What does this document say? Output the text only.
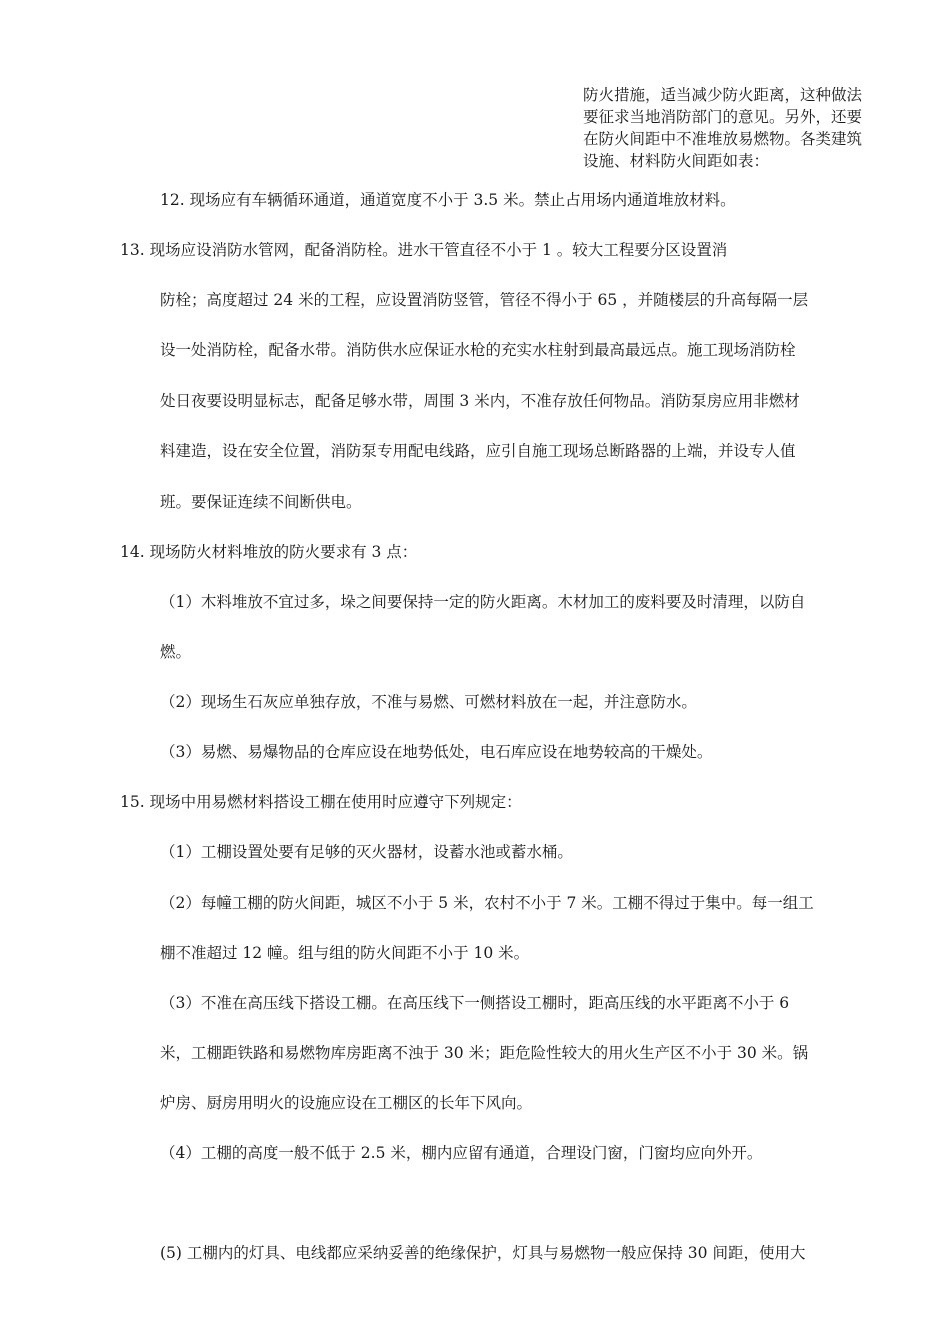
防火措施，适当减少防火距离，这种做法
要征求当地消防部门的意见。另外，还要
在防火间距中不准堆放易燃物。各类建筑
设施、材料防火间距如表：
12. 现场应有车辆循环通道，通道宽度不小于 3.5 米。禁止占用场内通道堆放材料。
13. 现场应设消防水管网，配备消防栓。进水干管直径不小于 1 。较大工程要分区设置消
防栓；高度超过 24 米的工程，应设置消防竖管，管径不得小于 65 ，并随楼层的升高每隔一层
设一处消防栓，配备水带。消防供水应保证水枪的充实水柱射到最高最远点。施工现场消防栓
处日夜要设明显标志，配备足够水带，周围 3 米内，不准存放任何物品。消防泵房应用非燃材
料建造，设在安全位置，消防泵专用配电线路，应引自施工现场总断路器的上端，并设专人值
班。要保证连续不间断供电。
14. 现场防火材料堆放的防火要求有 3 点：
（1）木料堆放不宜过多，垛之间要保持一定的防火距离。木材加工的废料要及时清理，以防自
燃。
（2）现场生石灰应单独存放，不准与易燃、可燃材料放在一起，并注意防水。
（3）易燃、易爆物品的仓库应设在地势低处，电石库应设在地势较高的干燥处。
15. 现场中用易燃材料搭设工棚在使用时应遵守下列规定：
（1）工棚设置处要有足够的灭火器材，设蓄水池或蓄水桶。
（2）每幢工棚的防火间距，城区不小于 5 米，农村不小于 7 米。工棚不得过于集中。每一组工
棚不准超过 12 幢。组与组的防火间距不小于 10 米。
（3）不准在高压线下搭设工棚。在高压线下一侧搭设工棚时，距高压线的水平距离不小于 6
米，工棚距铁路和易燃物库房距离不浊于 30 米；距危险性较大的用火生产区不小于 30 米。锅
炉房、厨房用明火的设施应设在工棚区的长年下风向。
（4）工棚的高度一般不低于 2.5 米，棚内应留有通道，合理设门窗，门窗均应向外开。
(5) 工棚内的灯具、电线都应采纳妥善的绝缘保护，灯具与易燃物一般应保持 30 间距，使用大
